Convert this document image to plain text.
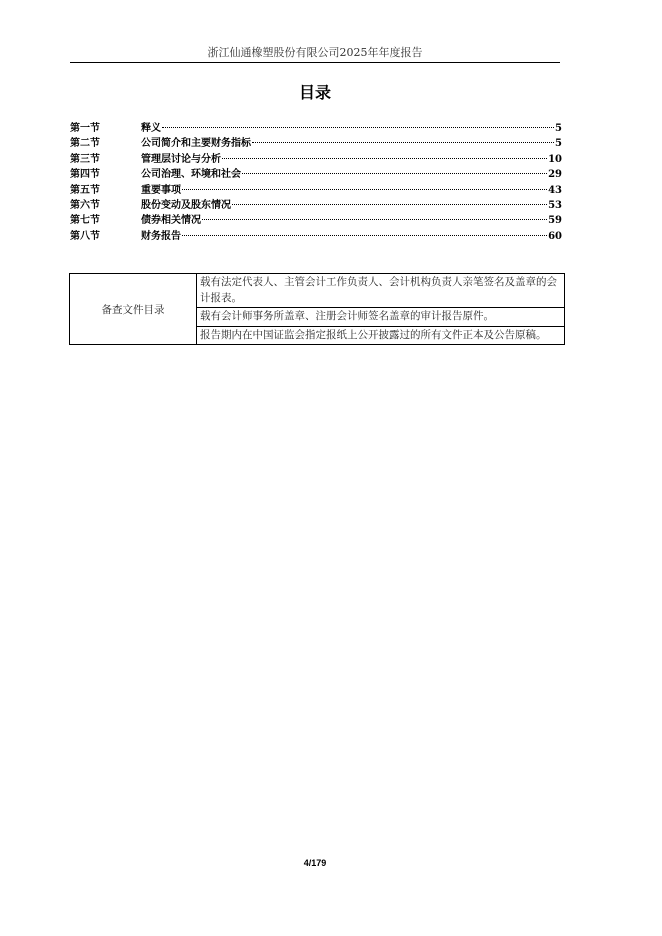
浙江仙通橡塑股份有限公司2025年年度报告
目录
第一节	释义	5
第二节	公司简介和主要财务指标	5
第三节	管理层讨论与分析	10
第四节	公司治理、环境和社会	29
第五节	重要事项	43
第六节	股份变动及股东情况	53
第七节	债券相关情况	59
第八节	财务报告	60
备查文件目录	载有法定代表人、主管会计工作负责人、会计机构负责人亲笔签名及盖章的会计报表。
载有会计师事务所盖章、注册会计师签名盖章的审计报告原件。
报告期内在中国证监会指定报纸上公开披露过的所有文件正本及公告原稿。
4/179
